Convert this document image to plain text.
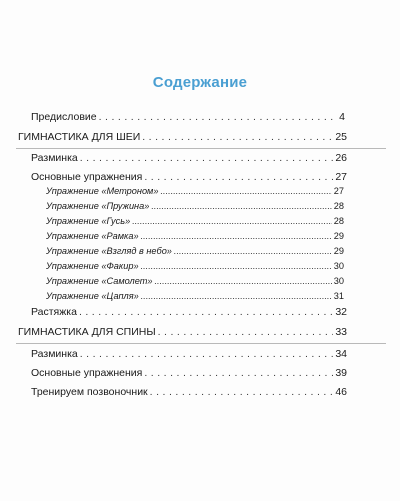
Содержание
Предисловие . . .	4
ГИМНАСТИКА ДЛЯ ШЕИ . . .	25
Разминка . . .	26
Основные упражнения . . .	27
Упражнение «Метроном» .....	27
Упражнение «Пружина» .....	28
Упражнение «Гусь» .....	28
Упражнение «Рамка» .....	29
Упражнение «Взгляд в небо» .....	29
Упражнение «Факир» .....	30
Упражнение «Самолет» .....	30
Упражнение «Цапля» .....	31
Растяжка . . .	32
ГИМНАСТИКА ДЛЯ СПИНЫ . . .	33
Разминка . . .	34
Основные упражнения . . .	39
Тренируем позвоночник . . .	46
